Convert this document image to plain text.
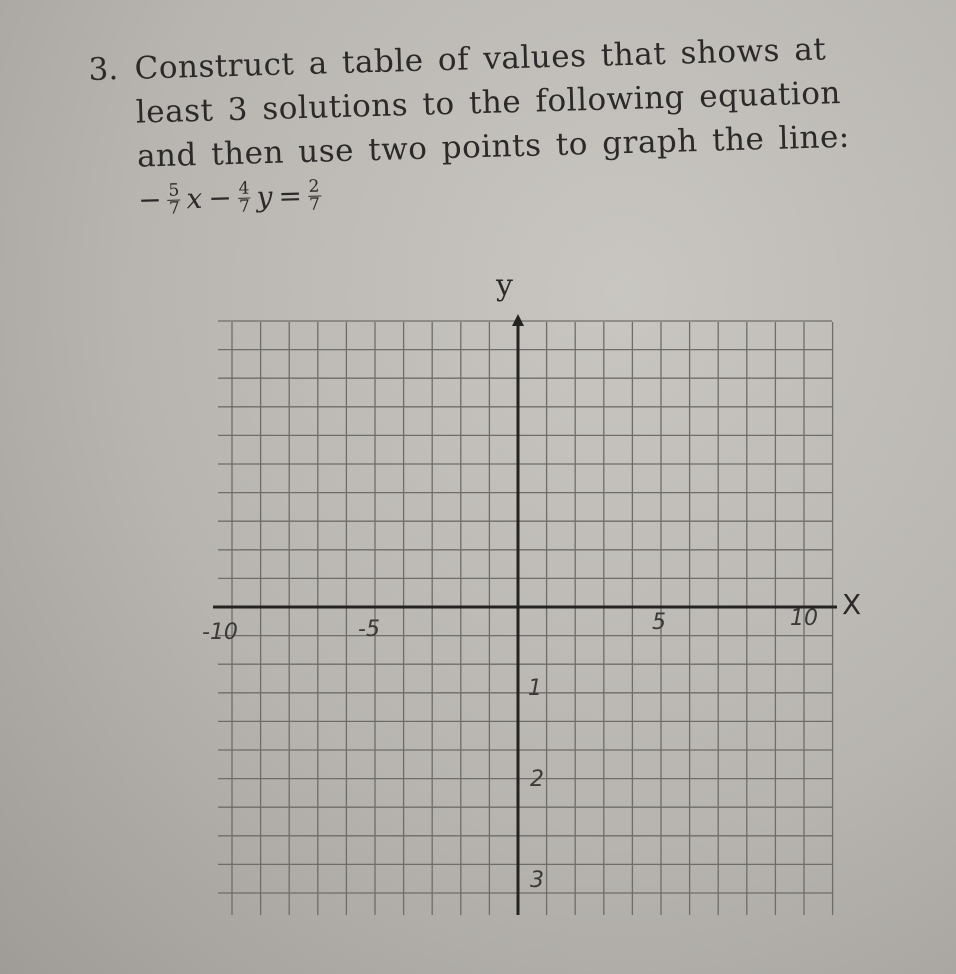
3. Construct a table of values that shows at
least 3 solutions to the following equation
and then use two points to graph the line:
− $\frac{5}{7}$ $x - \frac{4}{7}$ $y = \frac{2}{7}$
y
X
-10	-5	5	10
1
2
3
